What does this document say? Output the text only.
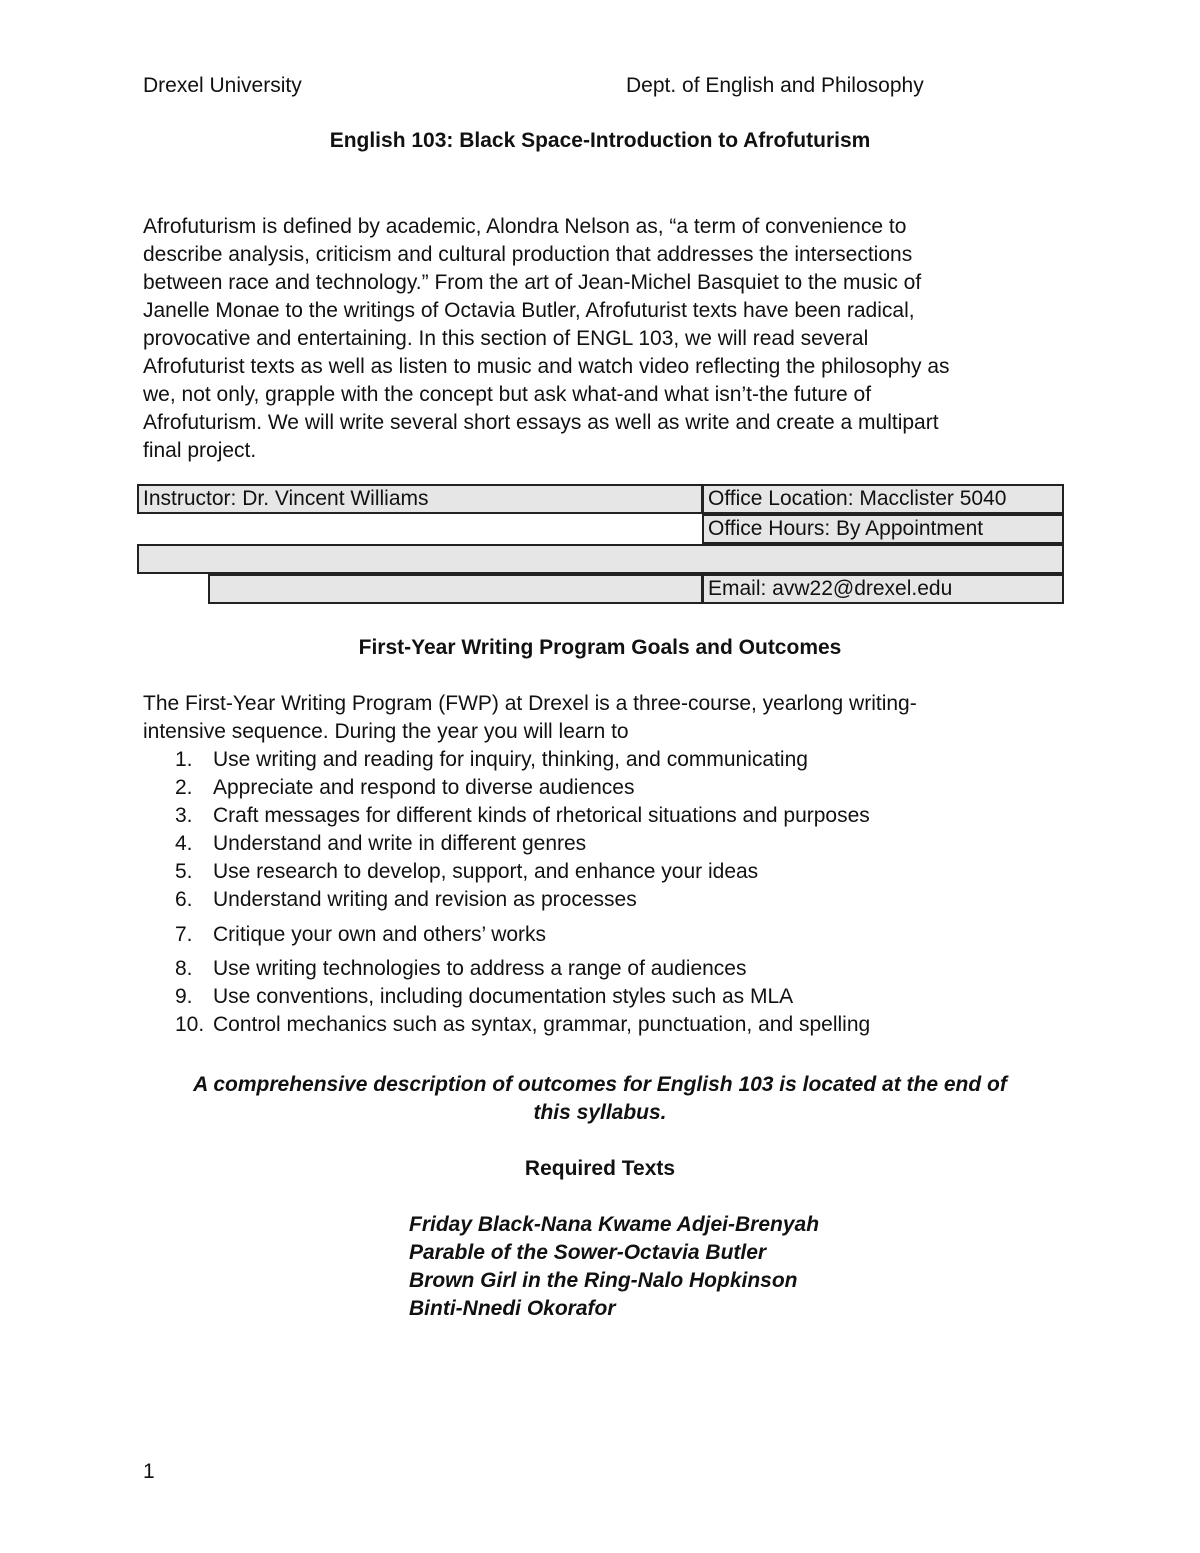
Drexel University	Dept. of English and Philosophy
English 103: Black Space-Introduction to Afrofuturism
Afrofuturism is defined by academic, Alondra Nelson as, “a term of convenience to
describe analysis, criticism and cultural production that addresses the intersections
between race and technology.” From the art of Jean-Michel Basquiet to the music of
Janelle Monae to the writings of Octavia Butler, Afrofuturist texts have been radical,
provocative and entertaining. In this section of ENGL 103, we will read several
Afrofuturist texts as well as listen to music and watch video reflecting the philosophy as
we, not only, grapple with the concept but ask what-and what isn’t-the future of
Afrofuturism. We will write several short essays as well as write and create a multipart
final project.
Instructor: Dr. Vincent Williams	Office Location: Macclister 5040
Office Hours: By Appointment
Email: avw22@drexel.edu
First-Year Writing Program Goals and Outcomes
The First-Year Writing Program (FWP) at Drexel is a three-course, yearlong writing-
intensive sequence. During the year you will learn to
1. Use writing and reading for inquiry, thinking, and communicating
2. Appreciate and respond to diverse audiences
3. Craft messages for different kinds of rhetorical situations and purposes
4. Understand and write in different genres
5. Use research to develop, support, and enhance your ideas
6. Understand writing and revision as processes
7. Critique your own and others’ works
8. Use writing technologies to address a range of audiences
9. Use conventions, including documentation styles such as MLA
10. Control mechanics such as syntax, grammar, punctuation, and spelling
A comprehensive description of outcomes for English 103 is located at the end of
this syllabus.
Required Texts
Friday Black-Nana Kwame Adjei-Brenyah
Parable of the Sower-Octavia Butler
Brown Girl in the Ring-Nalo Hopkinson
Binti-Nnedi Okorafor
1
